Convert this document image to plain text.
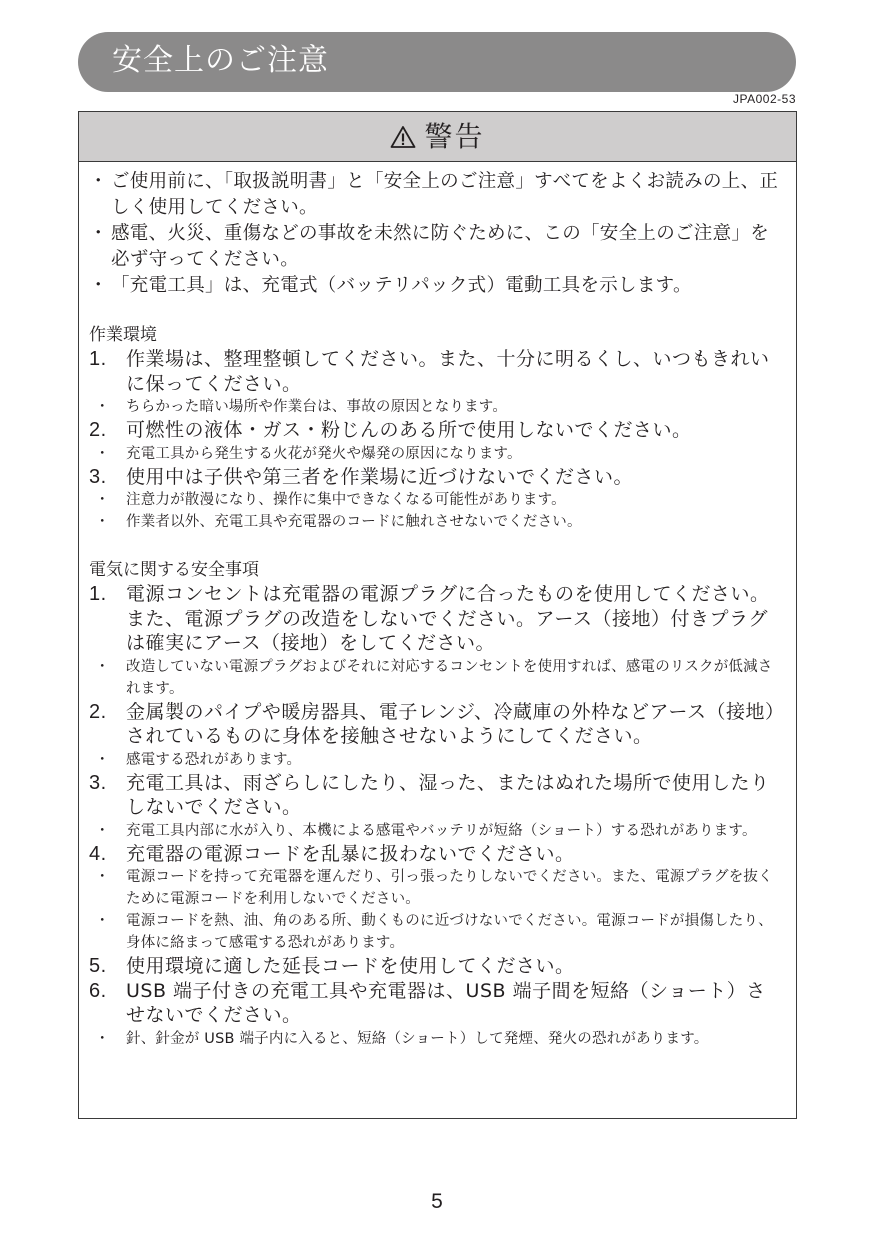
安全上のご注意
JPA002-53
警告
・ ご使用前に、「取扱説明書」と「安全上のご注意」すべてをよくお読みの上、正しく使用してください。
・ 感電、火災、重傷などの事故を未然に防ぐために、この「安全上のご注意」を必ず守ってください。
・ 「充電工具」は、充電式（バッテリパック式）電動工具を示します。
作業環境
1. 作業場は、整理整頓してください。また、十分に明るくし、いつもきれいに保ってください。
・ ちらかった暗い場所や作業台は、事故の原因となります。
2. 可燃性の液体・ガス・粉じんのある所で使用しないでください。
・ 充電工具から発生する火花が発火や爆発の原因になります。
3. 使用中は子供や第三者を作業場に近づけないでください。
・ 注意力が散漫になり、操作に集中できなくなる可能性があります。
・ 作業者以外、充電工具や充電器のコードに触れさせないでください。
電気に関する安全事項
1. 電源コンセントは充電器の電源プラグに合ったものを使用してください。また、電源プラグの改造をしないでください。アース（接地）付きプラグは確実にアース（接地）をしてください。
・ 改造していない電源プラグおよびそれに対応するコンセントを使用すれば、感電のリスクが低減されます。
2. 金属製のパイプや暖房器具、電子レンジ、冷蔵庫の外枠などアース（接地）されているものに身体を接触させないようにしてください。
・ 感電する恐れがあります。
3. 充電工具は、雨ざらしにしたり、湿った、またはぬれた場所で使用したりしないでください。
・ 充電工具内部に水が入り、本機による感電やバッテリが短絡（ショート）する恐れがあります。
4. 充電器の電源コードを乱暴に扱わないでください。
・ 電源コードを持って充電器を運んだり、引っ張ったりしないでください。また、電源プラグを抜くために電源コードを利用しないでください。
・ 電源コードを熱、油、角のある所、動くものに近づけないでください。電源コードが損傷したり、身体に絡まって感電する恐れがあります。
5. 使用環境に適した延長コードを使用してください。
6. USB 端子付きの充電工具や充電器は、USB 端子間を短絡（ショート）させないでください。
・ 針、針金が USB 端子内に入ると、短絡（ショート）して発煙、発火の恐れがあります。
5
